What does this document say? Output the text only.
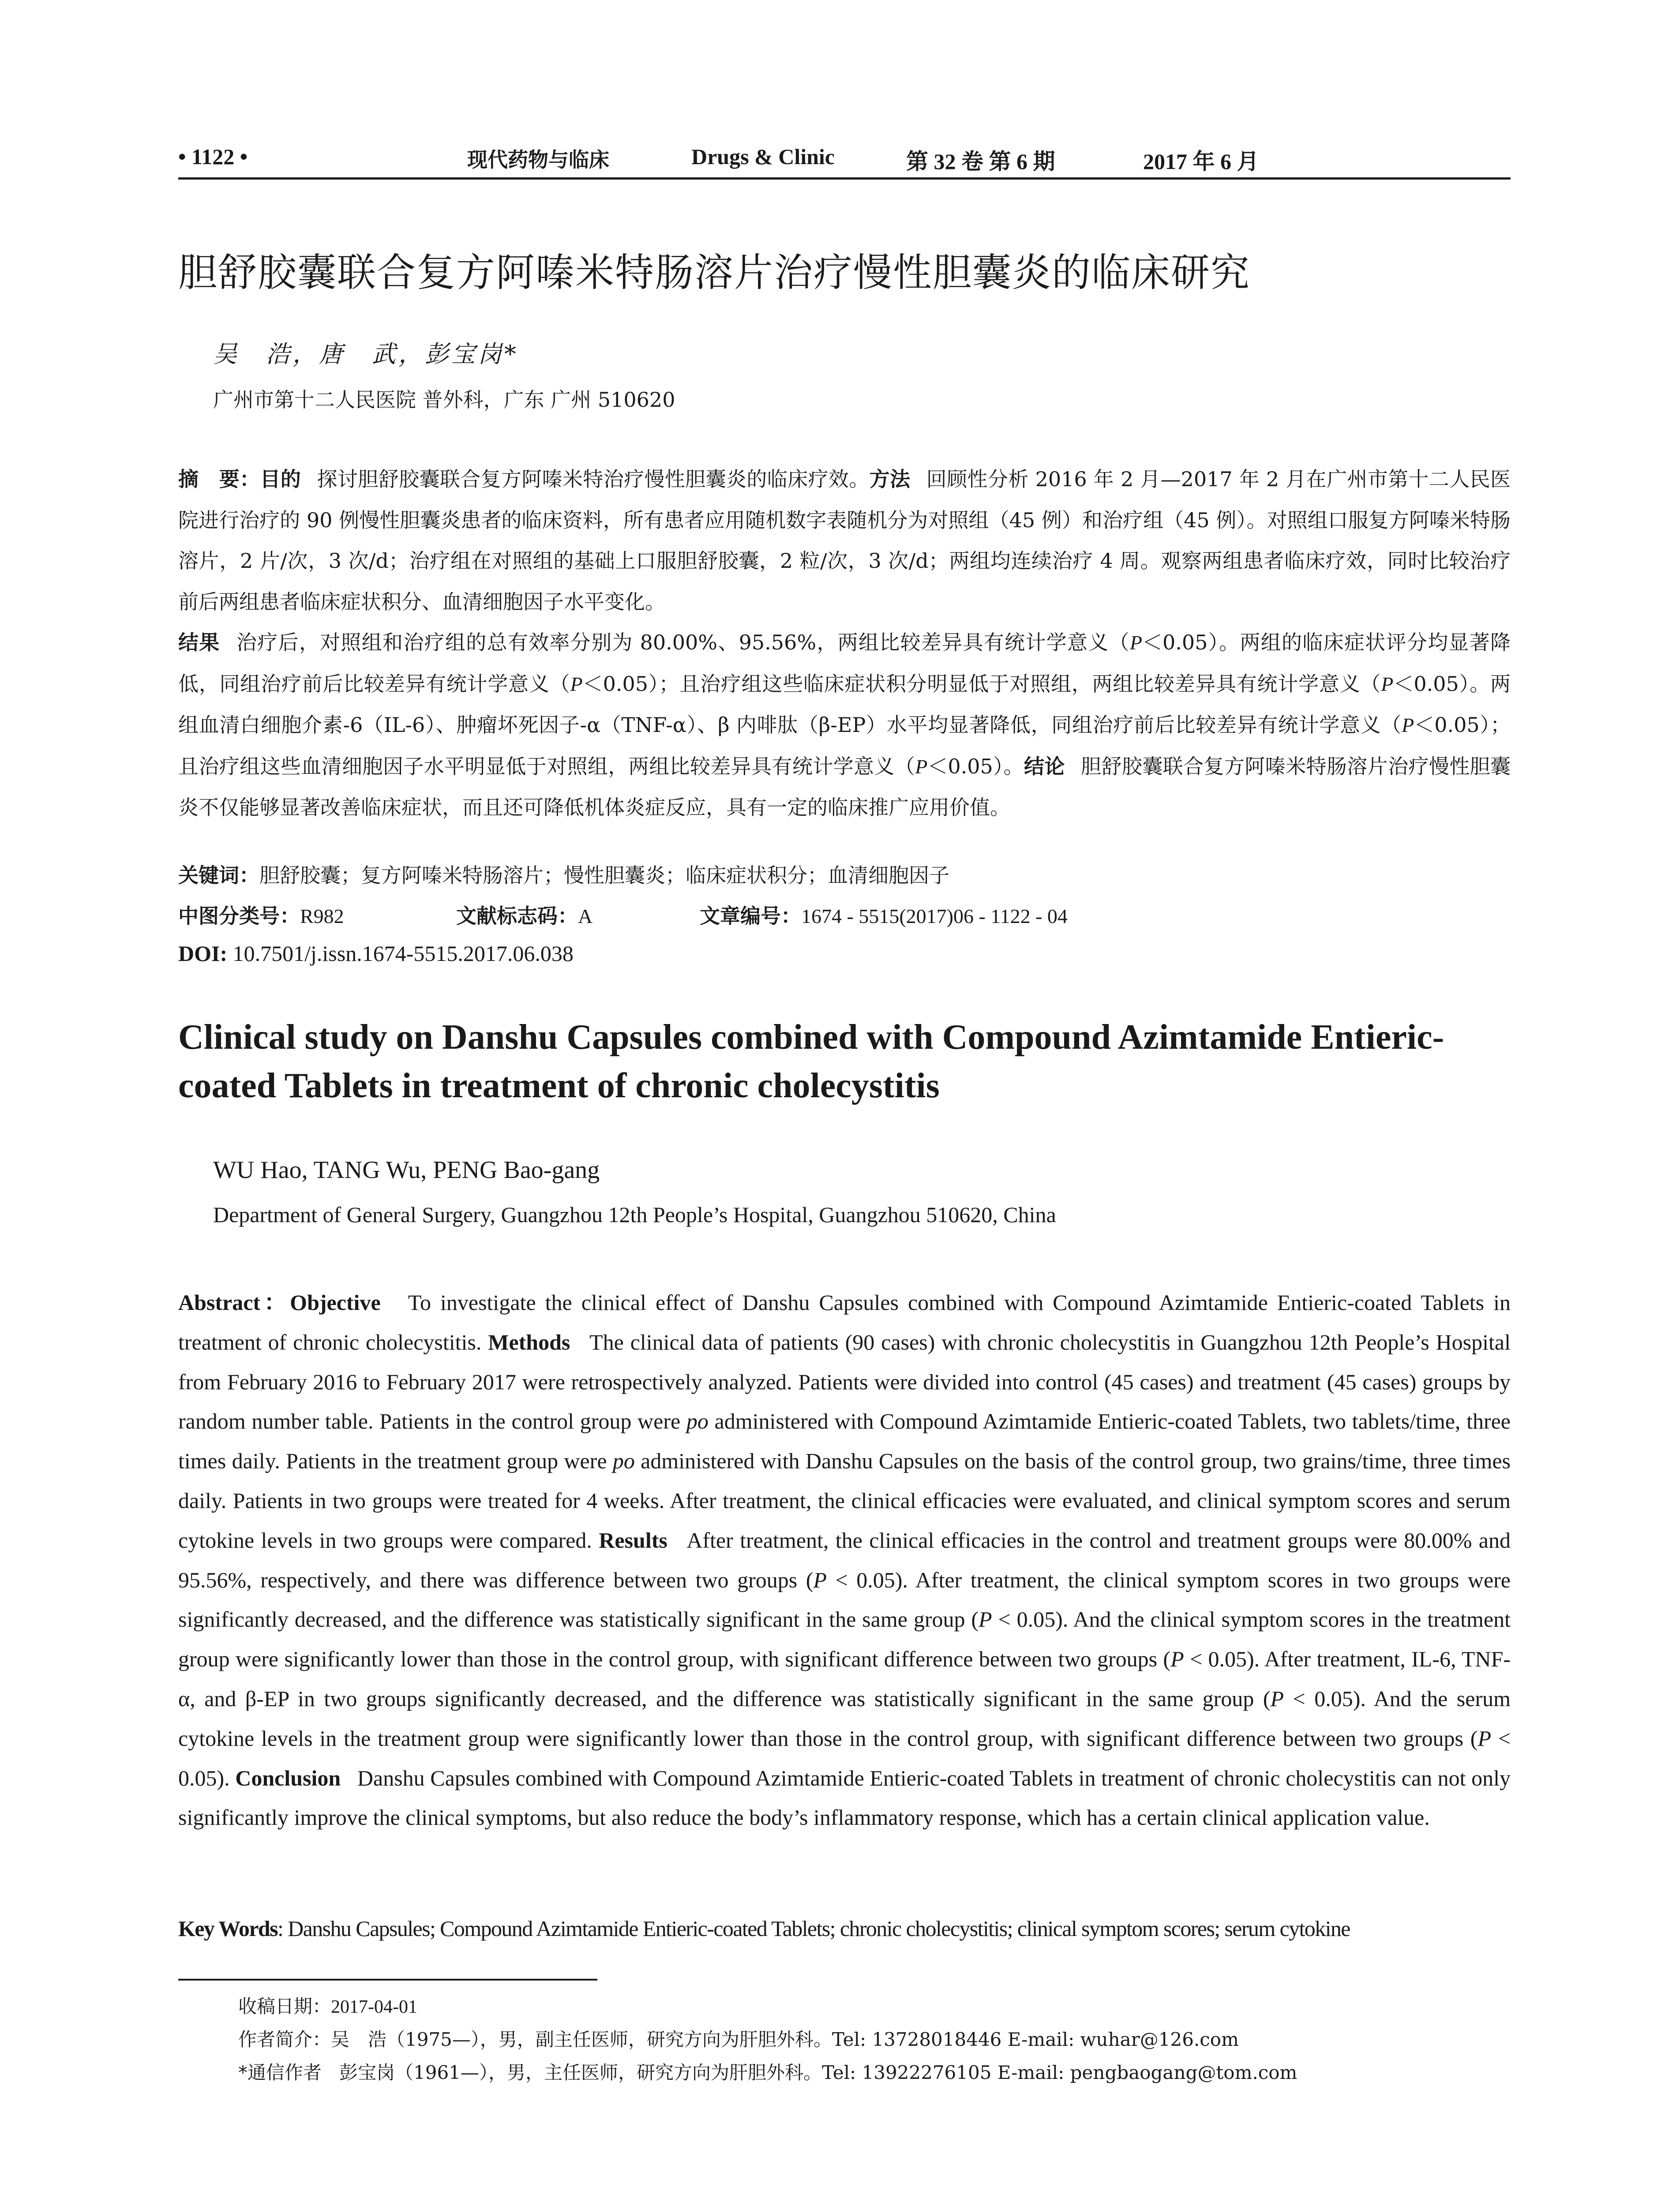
• 1122 •	现代药物与临床	Drugs & Clinic	第 32 卷 第 6 期	2017 年 6 月
胆舒胶囊联合复方阿嗪米特肠溶片治疗慢性胆囊炎的临床研究
吴　浩，唐　武，彭宝岗*
广州市第十二人民医院 普外科，广东 广州 510620
摘　要：目的 探讨胆舒胶囊联合复方阿嗪米特治疗慢性胆囊炎的临床疗效。方法 回顾性分析 2016 年 2 月—2017 年 2 月在广州市第十二人民医院进行治疗的 90 例慢性胆囊炎患者的临床资料，所有患者应用随机数字表随机分为对照组（45 例）和治疗组（45 例）。对照组口服复方阿嗪米特肠溶片，2 片/次，3 次/d；治疗组在对照组的基础上口服胆舒胶囊，2 粒/次，3 次/d；两组均连续治疗 4 周。观察两组患者临床疗效，同时比较治疗前后两组患者临床症状积分、血清细胞因子水平变化。
结果 治疗后，对照组和治疗组的总有效率分别为 80.00%、95.56%，两组比较差异具有统计学意义（P＜0.05）。两组的临床症状评分均显著降低，同组治疗前后比较差异有统计学意义（P＜0.05）；且治疗组这些临床症状积分明显低于对照组，两组比较差异具有统计学意义（P＜0.05）。两组血清白细胞介素-6（IL-6）、肿瘤坏死因子-α（TNF-α）、β 内啡肽（β-EP）水平均显著降低，同组治疗前后比较差异有统计学意义（P＜0.05）；且治疗组这些血清细胞因子水平明显低于对照组，两组比较差异具有统计学意义（P＜0.05）。结论 胆舒胶囊联合复方阿嗪米特肠溶片治疗慢性胆囊炎不仅能够显著改善临床症状，而且还可降低机体炎症反应，具有一定的临床推广应用价值。
关键词：胆舒胶囊；复方阿嗪米特肠溶片；慢性胆囊炎；临床症状积分；血清细胞因子
中图分类号：R982	文献标志码：A	文章编号：1674 - 5515(2017)06 - 1122 - 04
DOI: 10.7501/j.issn.1674-5515.2017.06.038
Clinical study on Danshu Capsules combined with Compound Azimtamide Entieric-coated Tablets in treatment of chronic cholecystitis
WU Hao, TANG Wu, PENG Bao-gang
Department of General Surgery, Guangzhou 12th People’s Hospital, Guangzhou 510620, China
Abstract：Objective To investigate the clinical effect of Danshu Capsules combined with Compound Azimtamide Entieric-coated Tablets in treatment of chronic cholecystitis. Methods The clinical data of patients (90 cases) with chronic cholecystitis in Guangzhou 12th People’s Hospital from February 2016 to February 2017 were retrospectively analyzed. Patients were divided into control (45 cases) and treatment (45 cases) groups by random number table. Patients in the control group were po administered with Compound Azimtamide Entieric-coated Tablets, two tablets/time, three times daily. Patients in the treatment group were po administered with Danshu Capsules on the basis of the control group, two grains/time, three times daily. Patients in two groups were treated for 4 weeks. After treatment, the clinical efficacies were evaluated, and clinical symptom scores and serum cytokine levels in two groups were compared. Results After treatment, the clinical efficacies in the control and treatment groups were 80.00% and 95.56%, respectively, and there was difference between two groups (P < 0.05). After treatment, the clinical symptom scores in two groups were significantly decreased, and the difference was statistically significant in the same group (P < 0.05). And the clinical symptom scores in the treatment group were significantly lower than those in the control group, with significant difference between two groups (P < 0.05). After treatment, IL-6, TNF-α, and β-EP in two groups significantly decreased, and the difference was statistically significant in the same group (P < 0.05). And the serum cytokine levels in the treatment group were significantly lower than those in the control group, with significant difference between two groups (P < 0.05). Conclusion Danshu Capsules combined with Compound Azimtamide Entieric-coated Tablets in treatment of chronic cholecystitis can not only significantly improve the clinical symptoms, but also reduce the body’s inflammatory response, which has a certain clinical application value.
Key Words: Danshu Capsules; Compound Azimtamide Entieric-coated Tablets; chronic cholecystitis; clinical symptom scores; serum cytokine
收稿日期：2017-04-01
作者简介：吴　浩（1975—），男，副主任医师，研究方向为肝胆外科。Tel: 13728018446 E-mail: wuhar@126.com
*通信作者 彭宝岗（1961—），男，主任医师，研究方向为肝胆外科。Tel: 13922276105 E-mail: pengbaogang@tom.com
